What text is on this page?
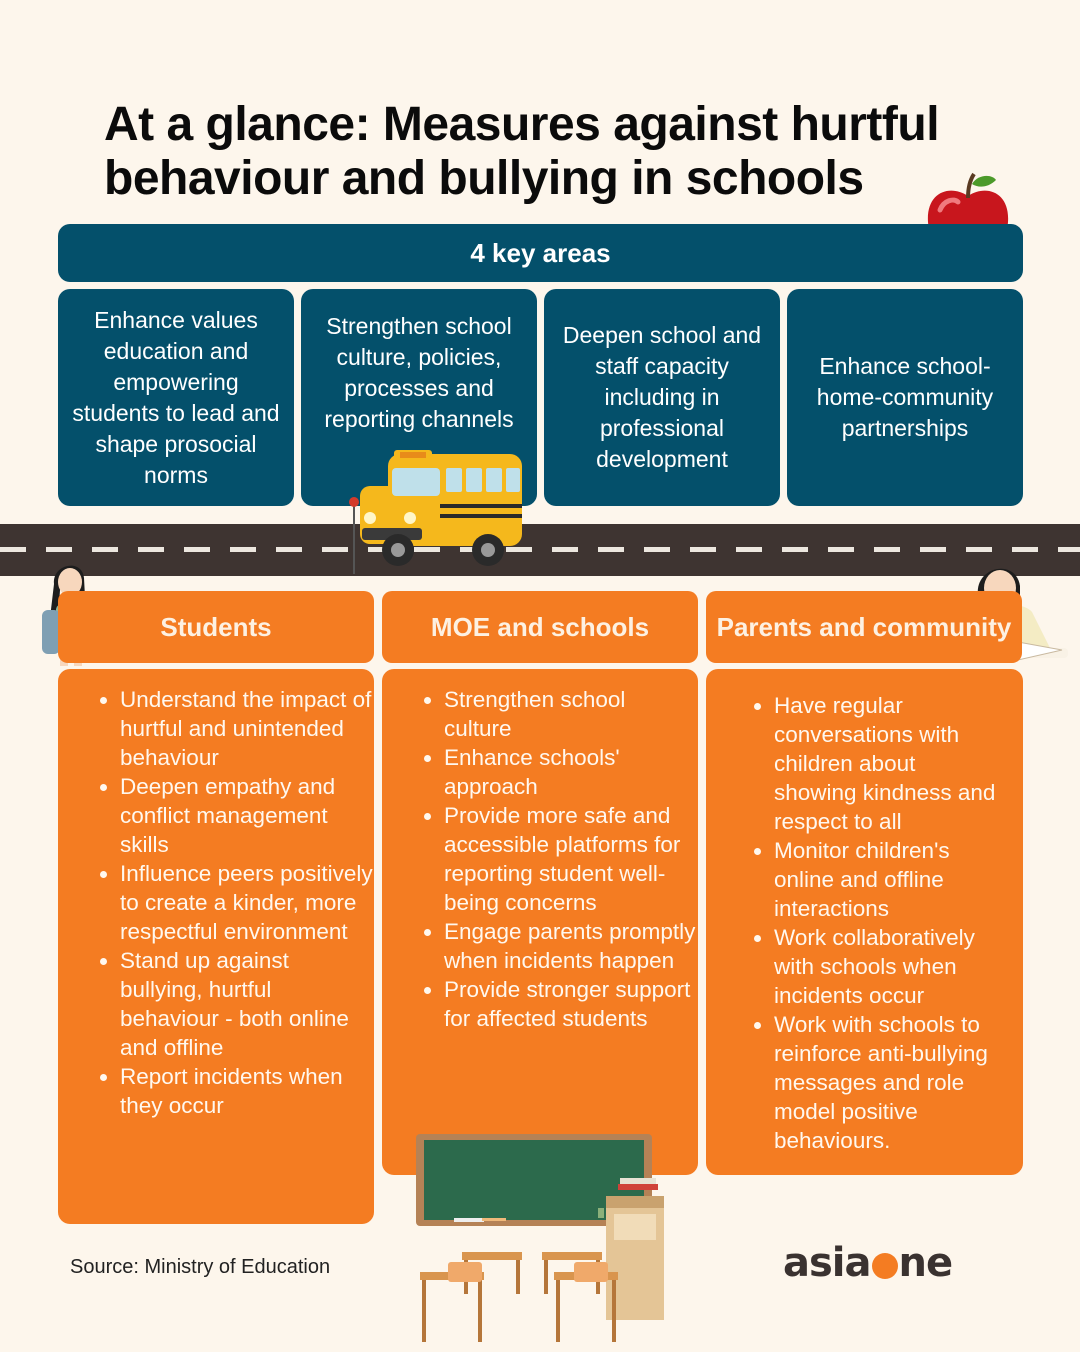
At a glance: Measures against hurtful
behaviour and bullying in schools
4 key areas

Enhance values education and empowering students to lead and shape prosocial norms

Strengthen school culture, policies, processes and reporting channels

Deepen school and staff capacity including in professional development

Enhance school-home-community partnerships

Students	MOE and schools	Parents and community
• Understand the impact of hurtful and unintended behaviour
• Deepen empathy and conflict management skills
• Influence peers positively to create a kinder, more respectful environment
• Stand up against bullying, hurtful behaviour - both online and offline
• Report incidents when they occur
• Strengthen school culture
• Enhance schools' approach
• Provide more safe and accessible platforms for reporting student well-being concerns
• Engage parents promptly when incidents happen
• Provide stronger support for affected students
• Have regular conversations with children about showing kindness and respect to all
• Monitor children's online and offline interactions
• Work collaboratively with schools when incidents occur
• Work with schools to reinforce anti-bullying messages and role model positive behaviours.
Source: Ministry of Education	asia ne
